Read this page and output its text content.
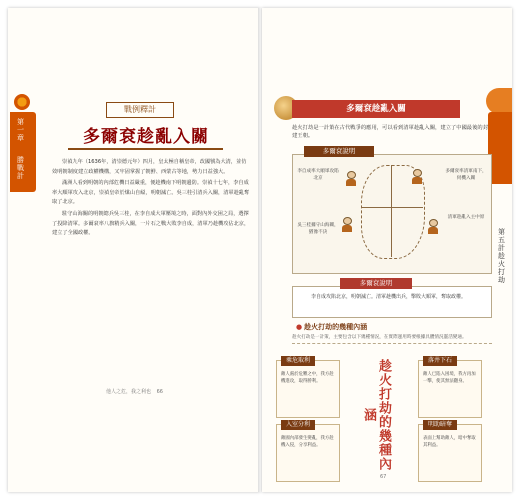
第一章
勝戰計
戰例釋計
多爾袞趁亂入關

崇禎九年（1636年，清崇德元年）四月，皇太極自稱皇帝，改國號為大清，並仿效明朝制度建立政權機構，又牢固掌握了朝鮮、西蒙古等地，勢力日益強大。

滿洲人看到明朝的內部危機日益嚴重，便趁機南下明朝邊防。崇禎十七年，李自成率大順軍攻入北京，崇禎皇帝於煤山自縊，明朝滅亡。吳三桂引清兵入關，清軍趁亂奪取了北京。

駐守山海關的明朝總兵吳三桂，在李自成大軍壓境之時，面對內外交困之局，選擇了投降清軍。多爾袞率八旗精兵入關，一片石之戰大敗李自成，清軍乃趁機攻佔北京，建立了全國政權。

他人之危，我之利也 66
第五計 趁火打劫
多爾袞趁亂入關
趁火打劫是一計策在古代戰爭的應用，可以看到清軍趁亂入關，建立了中國最後的封建王朝。
李自成率大順軍攻陷北京
吳三桂據守山海關，猶豫不決
多爾袞率清軍南下，伺機入關
清軍趁亂入主中原
多爾袞說明
李自成攻陷北京，明朝滅亡。清軍趁機出兵，擊敗大順軍，奪取政權。
多爾袞說明
● 趁火打劫的幾種內涵
趁火打劫是一計策，主要包含以下幾種情況，在實際運用時要根據具體情況靈活變通。
乘危取利
敵人處於危難之中，我方趁機進攻，取得勝利。
落井下石
敵人已陷入困境，我方再加一擊，使其無法翻身。
入室分利
敵國內部發生變亂，我方趁機入侵，分享利益。
明助暗奪
表面上幫助敵人，暗中奪取其利益。
趁火打劫的幾種內涵
67
